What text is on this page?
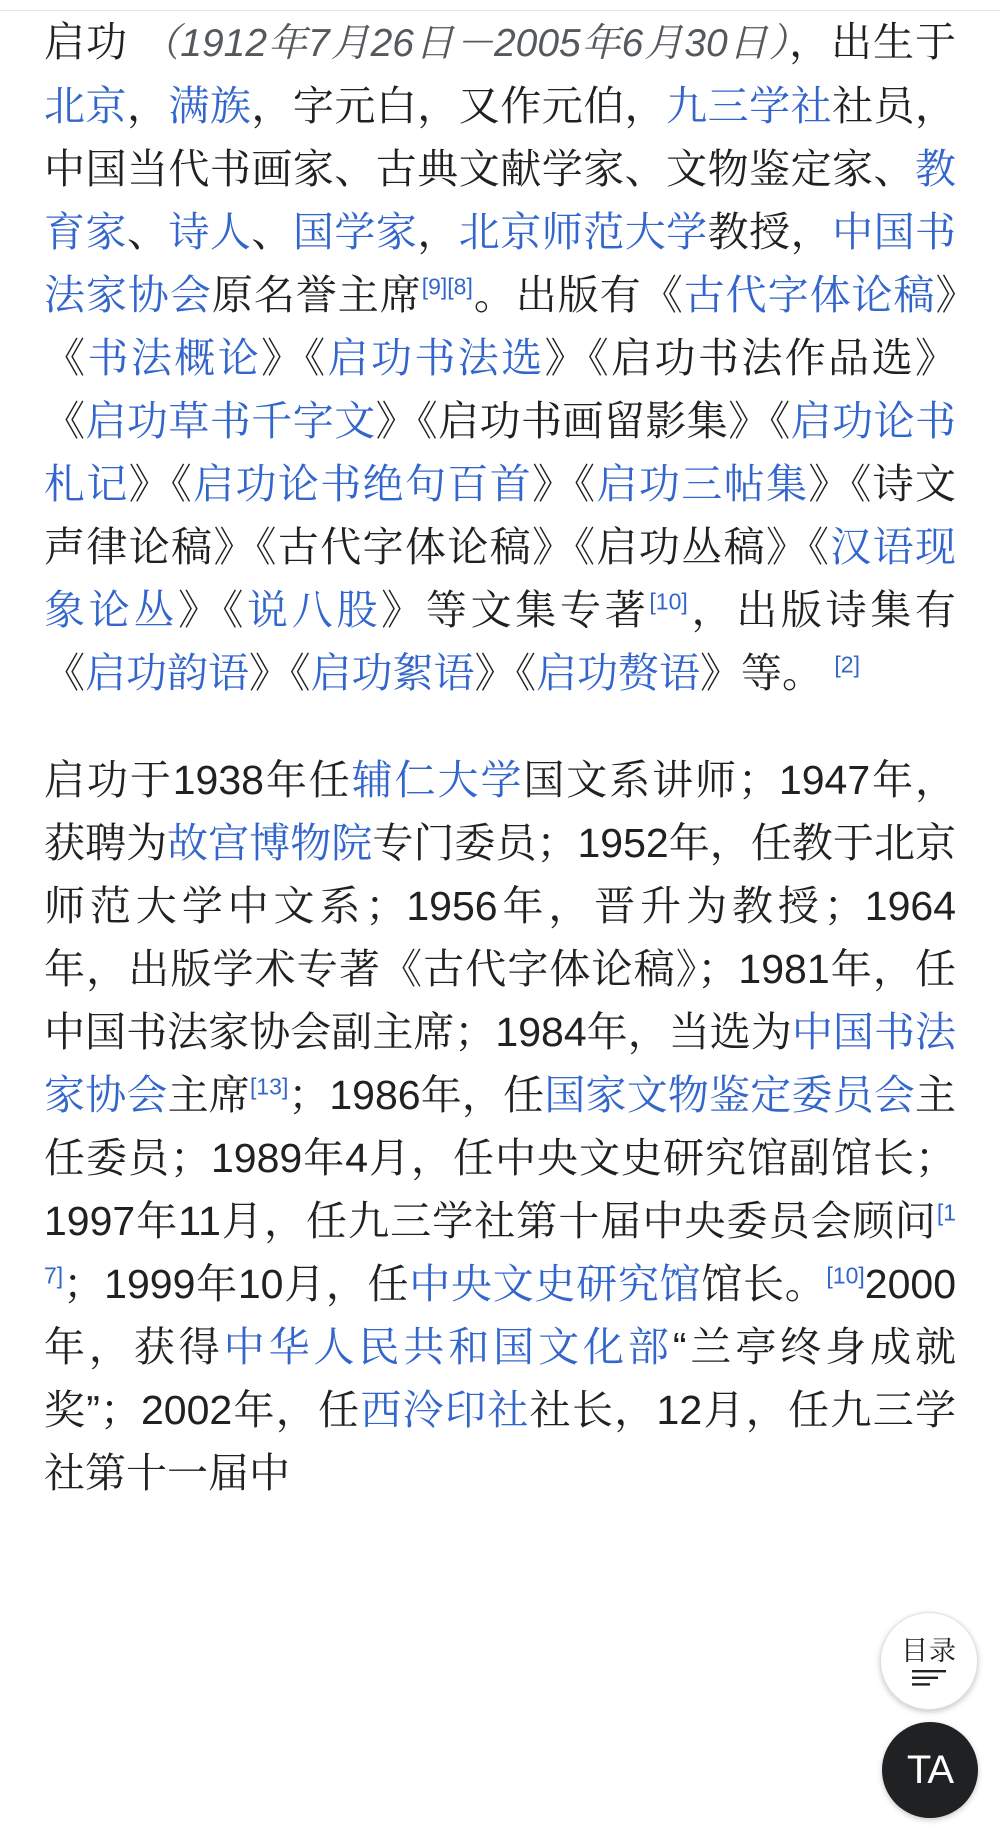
启功 （1912年7月26日－2005年6月30日），出生于北京，满族，字元白，又作元伯，九三学社社员，中国当代书画家、古典文献学家、文物鉴定家、教育家、诗人、国学家，北京师范大学教授，中国书法家协会原名誉主席[9][8]。出版有《古代字体论稿》《书法概论》《启功书法选》《启功书法作品选》《启功草书千字文》《启功书画留影集》《启功论书札记》《启功论书绝句百首》《启功三帖集》《诗文声律论稿》《古代字体论稿》《启功丛稿》《汉语现象论丛》《说八股》等文集专著[10]，出版诗集有《启功韵语》《启功絮语》《启功赘语》等。 [2]

启功于1938年任辅仁大学国文系讲师；1947年，获聘为故宫博物院专门委员；1952年，任教于北京师范大学中文系；1956年，晋升为教授；1964年，出版学术专著《古代字体论稿》；1981年，任中国书法家协会副主席；1984年，当选为中国书法家协会主席[13]；1986年，任国家文物鉴定委员会主任委员；1989年4月，任中央文史研究馆副馆长；1997年11月，任九三学社第十届中央委员会顾问[17]；1999年10月，任中央文史研究馆馆长。[10]2000年，获得中华人民共和国文化部“兰亭终身成就奖”；2002年，任西泠印社社长，12月，任九三学社第十一届中

目录
TA
